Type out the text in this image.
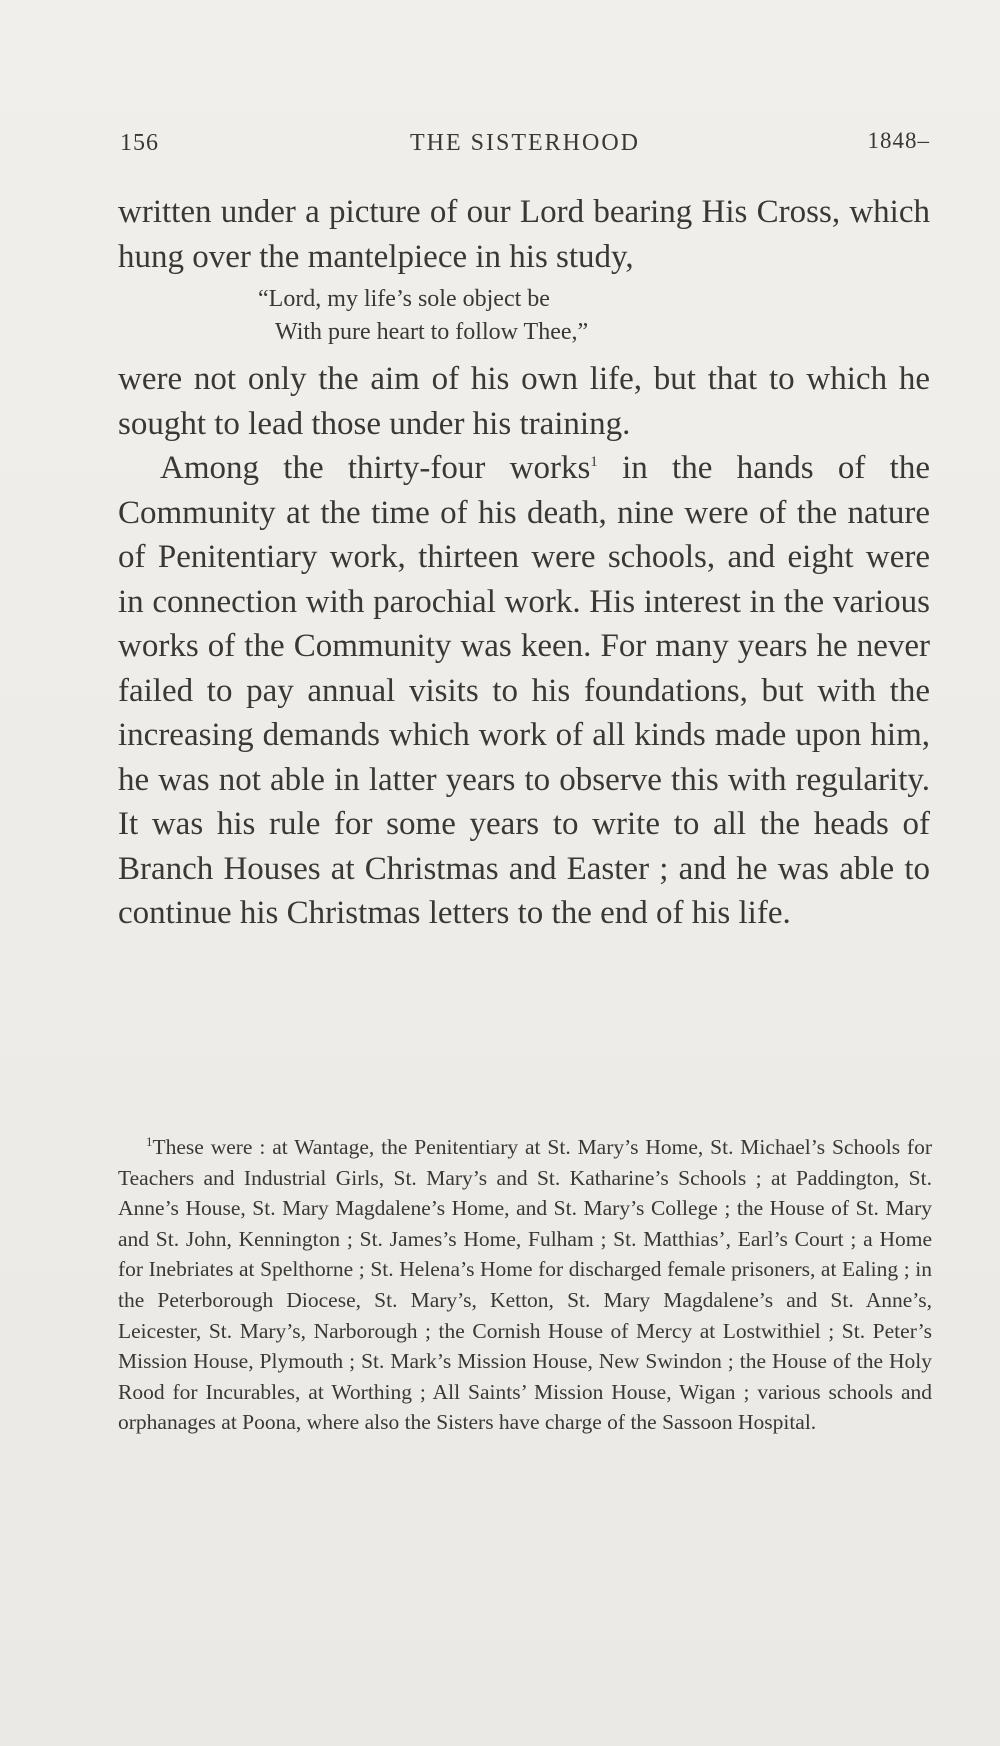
156	THE SISTERHOOD	1848–

written under a picture of our Lord bearing His Cross, which hung over the mantelpiece in his study,

“Lord, my life’s sole object be
With pure heart to follow Thee,”

were not only the aim of his own life, but that to which he sought to lead those under his training.

Among the thirty-four works$^1$ in the hands of the Community at the time of his death, nine were of the nature of Penitentiary work, thirteen were schools, and eight were in connection with parochial work. His interest in the various works of the Community was keen. For many years he never failed to pay annual visits to his foundations, but with the increasing demands which work of all kinds made upon him, he was not able in latter years to observe this with regularity. It was his rule for some years to write to all the heads of Branch Houses at Christmas and Easter ; and he was able to continue his Christmas letters to the end of his life.

$^1$These were : at Wantage, the Penitentiary at St. Mary’s Home, St. Michael’s Schools for Teachers and Industrial Girls, St. Mary’s and St. Katharine’s Schools ; at Paddington, St. Anne’s House, St. Mary Magdalene’s Home, and St. Mary’s College ; the House of St. Mary and St. John, Kennington ; St. James’s Home, Fulham ; St. Matthias’, Earl’s Court ; a Home for Inebriates at Spelthorne ; St. Helena’s Home for discharged female prisoners, at Ealing ; in the Peterborough Diocese, St. Mary’s, Ketton, St. Mary Magdalene’s and St. Anne’s, Leicester, St. Mary’s, Narborough ; the Cornish House of Mercy at Lostwithiel ; St. Peter’s Mission House, Plymouth ; St. Mark’s Mission House, New Swindon ; the House of the Holy Rood for Incurables, at Worthing ; All Saints’ Mission House, Wigan ; various schools and orphanages at Poona, where also the Sisters have charge of the Sassoon Hospital.
